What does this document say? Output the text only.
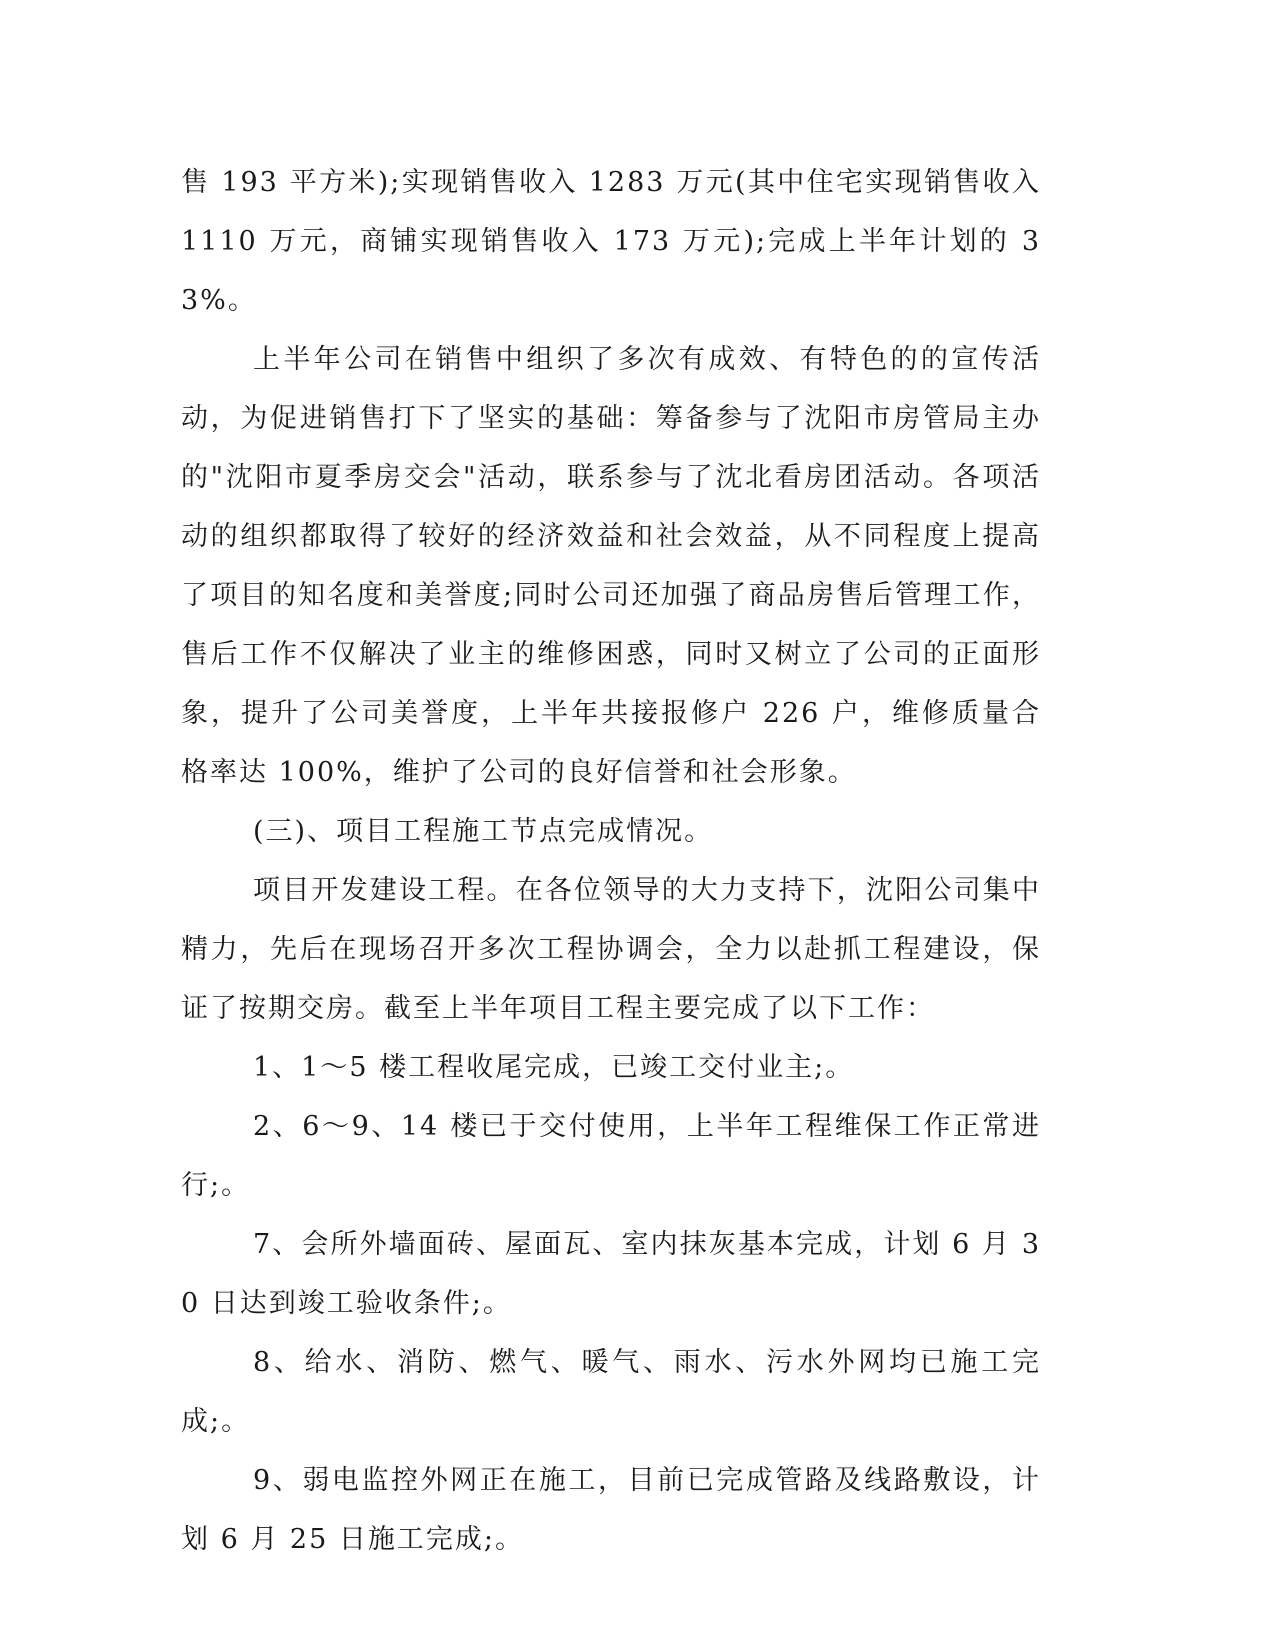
售 193 平方米);实现销售收入 1283 万元(其中住宅实现销售收入 1110 万元，商铺实现销售收入 173 万元);完成上半年计划的 33%。

上半年公司在销售中组织了多次有成效、有特色的的宣传活动，为促进销售打下了坚实的基础：筹备参与了沈阳市房管局主办的"沈阳市夏季房交会"活动，联系参与了沈北看房团活动。各项活动的组织都取得了较好的经济效益和社会效益，从不同程度上提高了项目的知名度和美誉度;同时公司还加强了商品房售后管理工作，售后工作不仅解决了业主的维修困惑，同时又树立了公司的正面形象，提升了公司美誉度，上半年共接报修户 226 户，维修质量合格率达 100%，维护了公司的良好信誉和社会形象。

(三)、项目工程施工节点完成情况。

项目开发建设工程。在各位领导的大力支持下，沈阳公司集中精力，先后在现场召开多次工程协调会，全力以赴抓工程建设，保证了按期交房。截至上半年项目工程主要完成了以下工作：

1、1～5 楼工程收尾完成，已竣工交付业主;。

2、6～9、14 楼已于交付使用，上半年工程维保工作正常进行;。

7、会所外墙面砖、屋面瓦、室内抹灰基本完成，计划 6 月 30 日达到竣工验收条件;。

8、给水、消防、燃气、暖气、雨水、污水外网均已施工完成;。

9、弱电监控外网正在施工，目前已完成管路及线路敷设，计划 6 月 25 日施工完成;。
